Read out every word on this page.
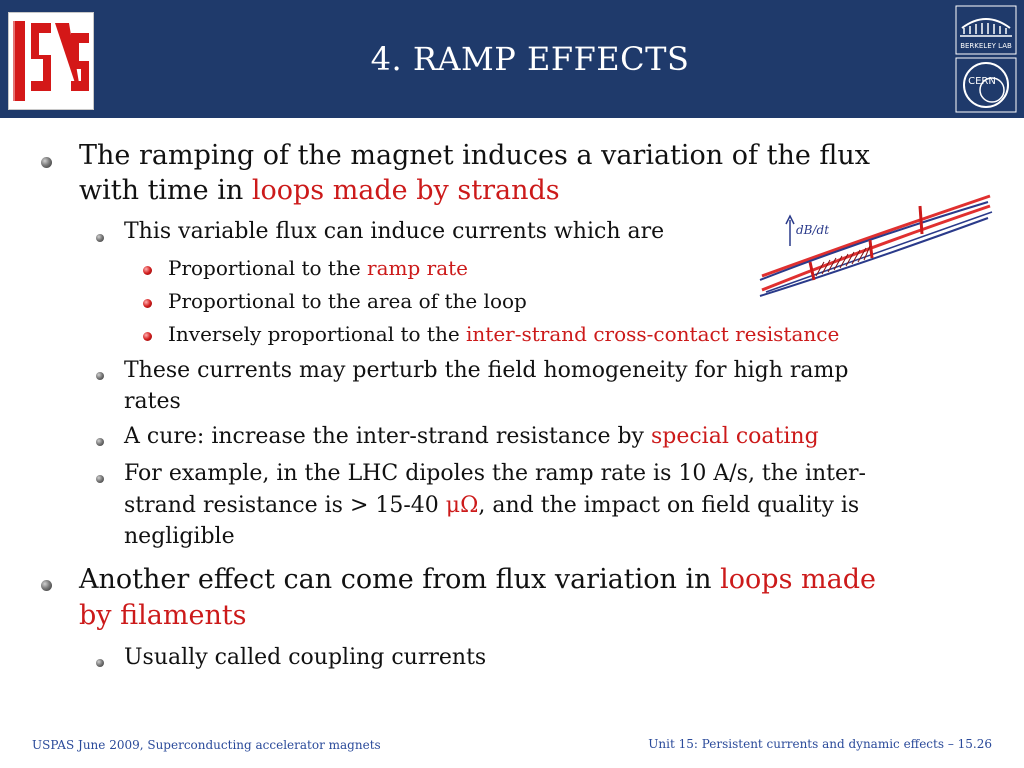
4. RAMP EFFECTS	BERKELEY LAB
CERN
The ramping of the magnet induces a variation of the flux
with time in loops made by strands
This variable flux can induce currents which are
Proportional to the ramp rate
Proportional to the area of the loop
Inversely proportional to the inter-strand cross-contact resistance
These currents may perturb the field homogeneity for high ramp
rates
A cure: increase the inter-strand resistance by special coating
For example, in the LHC dipoles the ramp rate is 10 A/s, the inter-
strand resistance is > 15-40 μΩ, and the impact on field quality is
negligible
Another effect can come from flux variation in loops made
by filaments
Usually called coupling currents
dB/dt
USPAS June 2009, Superconducting accelerator magnets	Unit 15: Persistent currents and dynamic effects – 15.26
